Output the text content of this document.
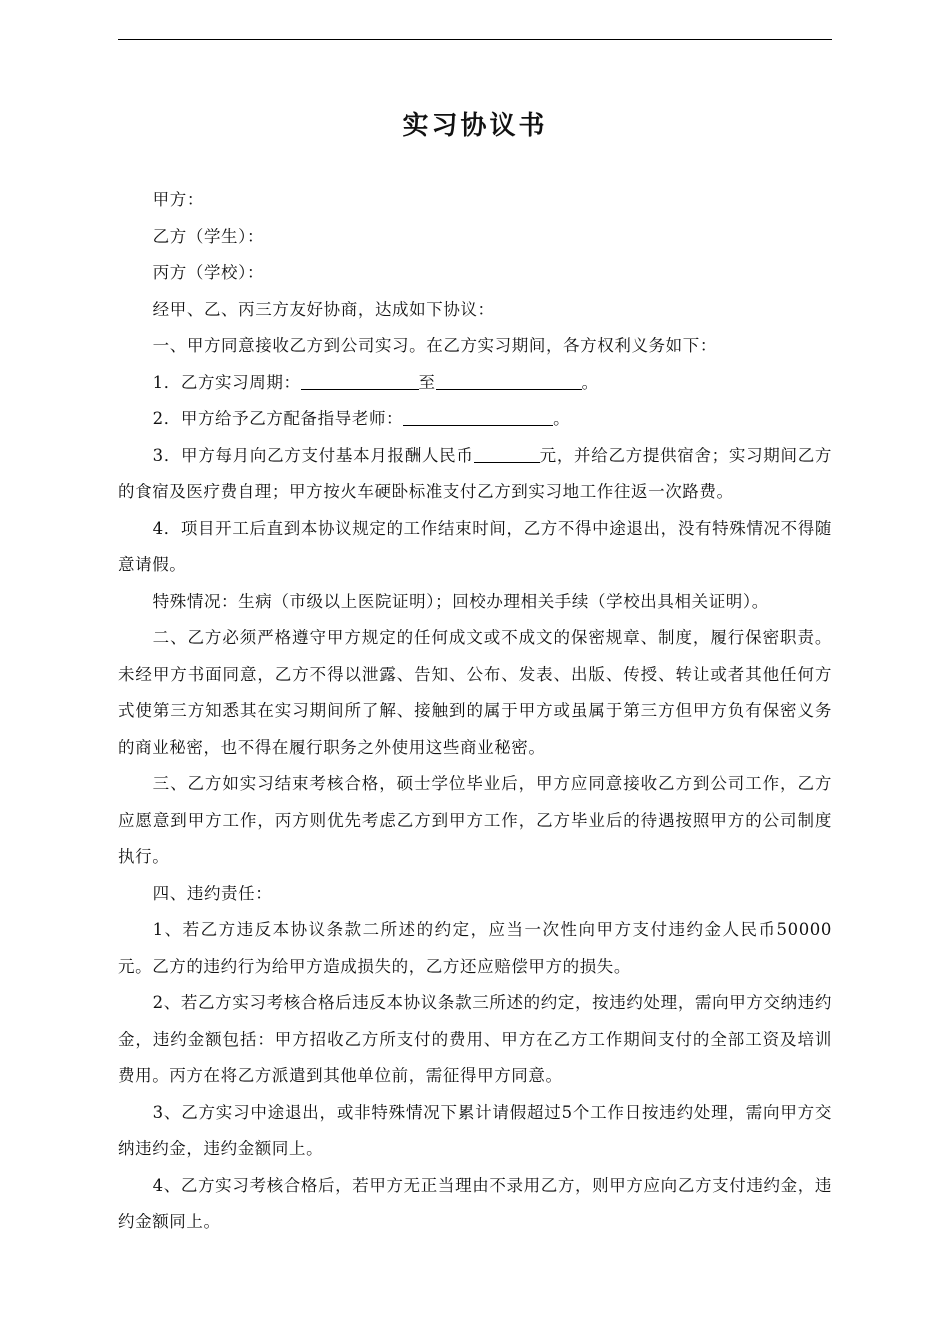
实习协议书

甲方：

乙方（学生）：

丙方（学校）：

经甲、乙、丙三方友好协商，达成如下协议：

一、甲方同意接收乙方到公司实习。在乙方实习期间，各方权利义务如下：

1．乙方实习周期：	至	。

2．甲方给予乙方配备指导老师：	。

3．甲方每月向乙方支付基本月报酬人民币	元，并给乙方提供宿舍；实习期间乙方的食宿及医疗费自理；甲方按火车硬卧标准支付乙方到实习地工作往返一次路费。

4．项目开工后直到本协议规定的工作结束时间，乙方不得中途退出，没有特殊情况不得随意请假。

特殊情况：生病（市级以上医院证明）；回校办理相关手续（学校出具相关证明）。

二、乙方必须严格遵守甲方规定的任何成文或不成文的保密规章、制度，履行保密职责。未经甲方书面同意，乙方不得以泄露、告知、公布、发表、出版、传授、转让或者其他任何方式使第三方知悉其在实习期间所了解、接触到的属于甲方或虽属于第三方但甲方负有保密义务的商业秘密，也不得在履行职务之外使用这些商业秘密。

三、乙方如实习结束考核合格，硕士学位毕业后，甲方应同意接收乙方到公司工作，乙方应愿意到甲方工作，丙方则优先考虑乙方到甲方工作，乙方毕业后的待遇按照甲方的公司制度执行。

四、违约责任：

1、若乙方违反本协议条款二所述的约定，应当一次性向甲方支付违约金人民币50000元。乙方的违约行为给甲方造成损失的，乙方还应赔偿甲方的损失。

2、若乙方实习考核合格后违反本协议条款三所述的约定，按违约处理，需向甲方交纳违约金，违约金额包括：甲方招收乙方所支付的费用、甲方在乙方工作期间支付的全部工资及培训费用。丙方在将乙方派遣到其他单位前，需征得甲方同意。

3、乙方实习中途退出，或非特殊情况下累计请假超过5个工作日按违约处理，需向甲方交纳违约金，违约金额同上。

4、乙方实习考核合格后，若甲方无正当理由不录用乙方，则甲方应向乙方支付违约金，违约金额同上。
